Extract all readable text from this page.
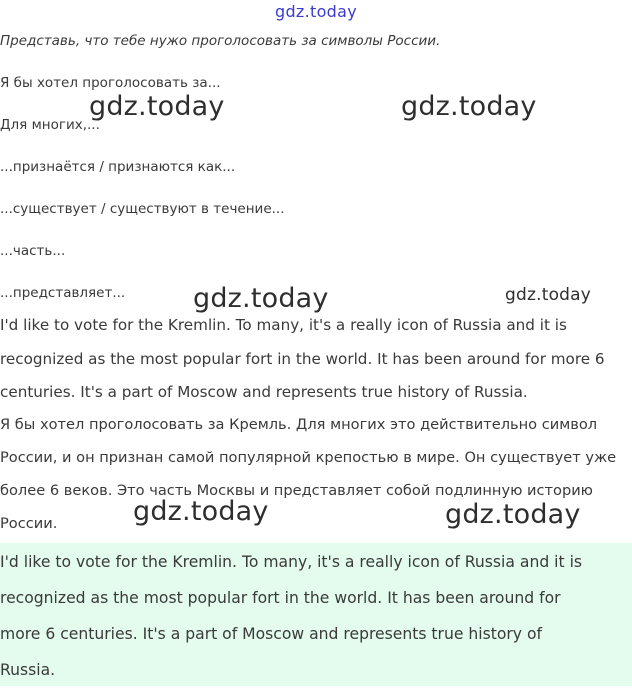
gdz.today
Представь, что тебе нужо проголосовать за символы России.
Я бы хотел проголосовать за...
Для многих,...
...признаётся / признаются как...
...существует / существуют в течение...
...часть...
...представляет...
I'd like to vote for the Kremlin. To many, it's a really icon of Russia and it is
recognized as the most popular fort in the world. It has been around for more 6
centuries. It's a part of Moscow and represents true history of Russia.
Я бы хотел проголосовать за Кремль. Для многих это действительно символ
России, и он признан самой популярной крепостью в мире. Он существует уже
более 6 веков. Это часть Москвы и представляет собой подлинную историю
России.
I'd like to vote for the Kremlin. To many, it's a really icon of Russia and it is
recognized as the most popular fort in the world. It has been around for
more 6 centuries. It's a part of Moscow and represents true history of
Russia.
gdz.today	gdz.today
gdz.today	gdz.today
gdz.today	gdz.today
